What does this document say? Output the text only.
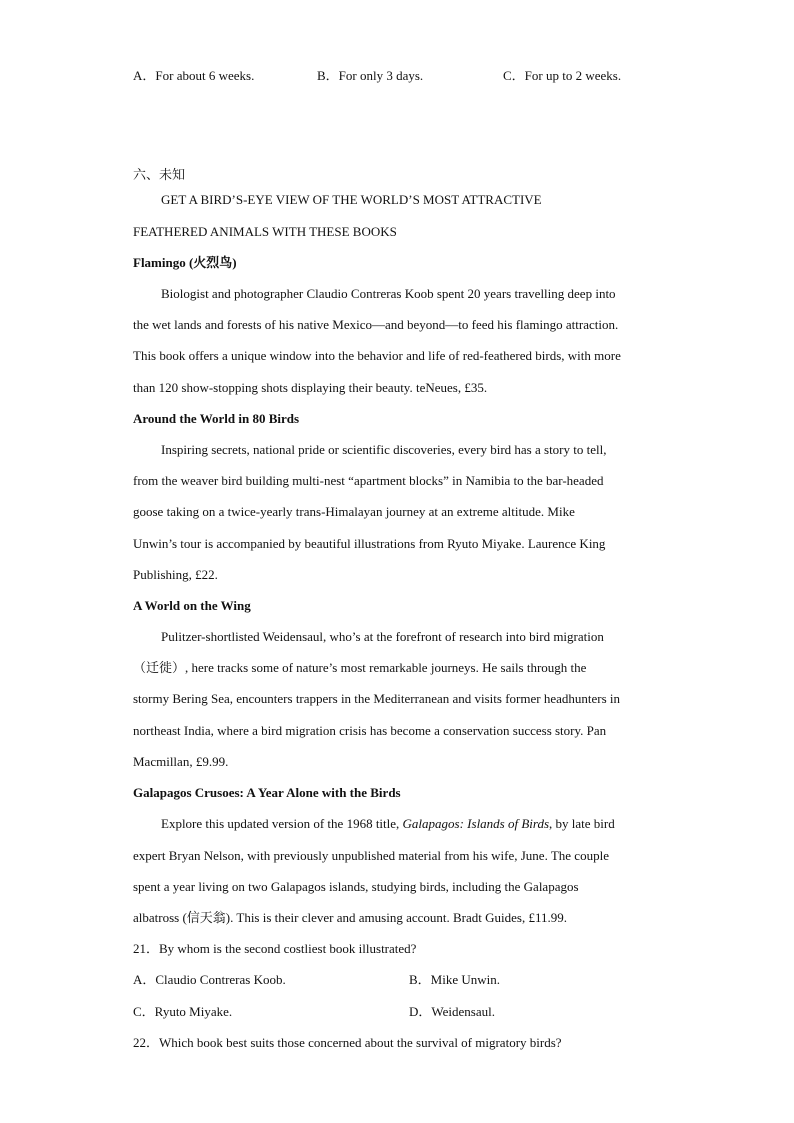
A．For about 6 weeks.	B．For only 3 days.	C．For up to 2 weeks.
六、未知
GET A BIRD’S-EYE VIEW OF THE WORLD’S MOST ATTRACTIVE
FEATHERED ANIMALS WITH THESE BOOKS
Flamingo (火烈鸟)
Biologist and photographer Claudio Contreras Koob spent 20 years travelling deep into
the wet lands and forests of his native Mexico—and beyond—to feed his flamingo attraction.
This book offers a unique window into the behavior and life of red-feathered birds, with more
than 120 show-stopping shots displaying their beauty. teNeues, £35.
Around the World in 80 Birds
Inspiring secrets, national pride or scientific discoveries, every bird has a story to tell,
from the weaver bird building multi-nest “apartment blocks” in Namibia to the bar-headed
goose taking on a twice-yearly trans-Himalayan journey at an extreme altitude. Mike
Unwin’s tour is accompanied by beautiful illustrations from Ryuto Miyake. Laurence King
Publishing, £22.
A World on the Wing
Pulitzer-shortlisted Weidensaul, who’s at the forefront of research into bird migration
（迁徙）, here tracks some of nature’s most remarkable journeys. He sails through the
stormy Bering Sea, encounters trappers in the Mediterranean and visits former headhunters in
northeast India, where a bird migration crisis has become a conservation success story. Pan
Macmillan, £9.99.
Galapagos Crusoes: A Year Alone with the Birds
Explore this updated version of the 1968 title, Galapagos: Islands of Birds, by late bird
expert Bryan Nelson, with previously unpublished material from his wife, June. The couple
spent a year living on two Galapagos islands, studying birds, including the Galapagos
albatross (信天翁). This is their clever and amusing account. Bradt Guides, £11.99.
21．By whom is the second costliest book illustrated?
A．Claudio Contreras Koob.	B．Mike Unwin.
C．Ryuto Miyake.	D．Weidensaul.
22．Which book best suits those concerned about the survival of migratory birds?
